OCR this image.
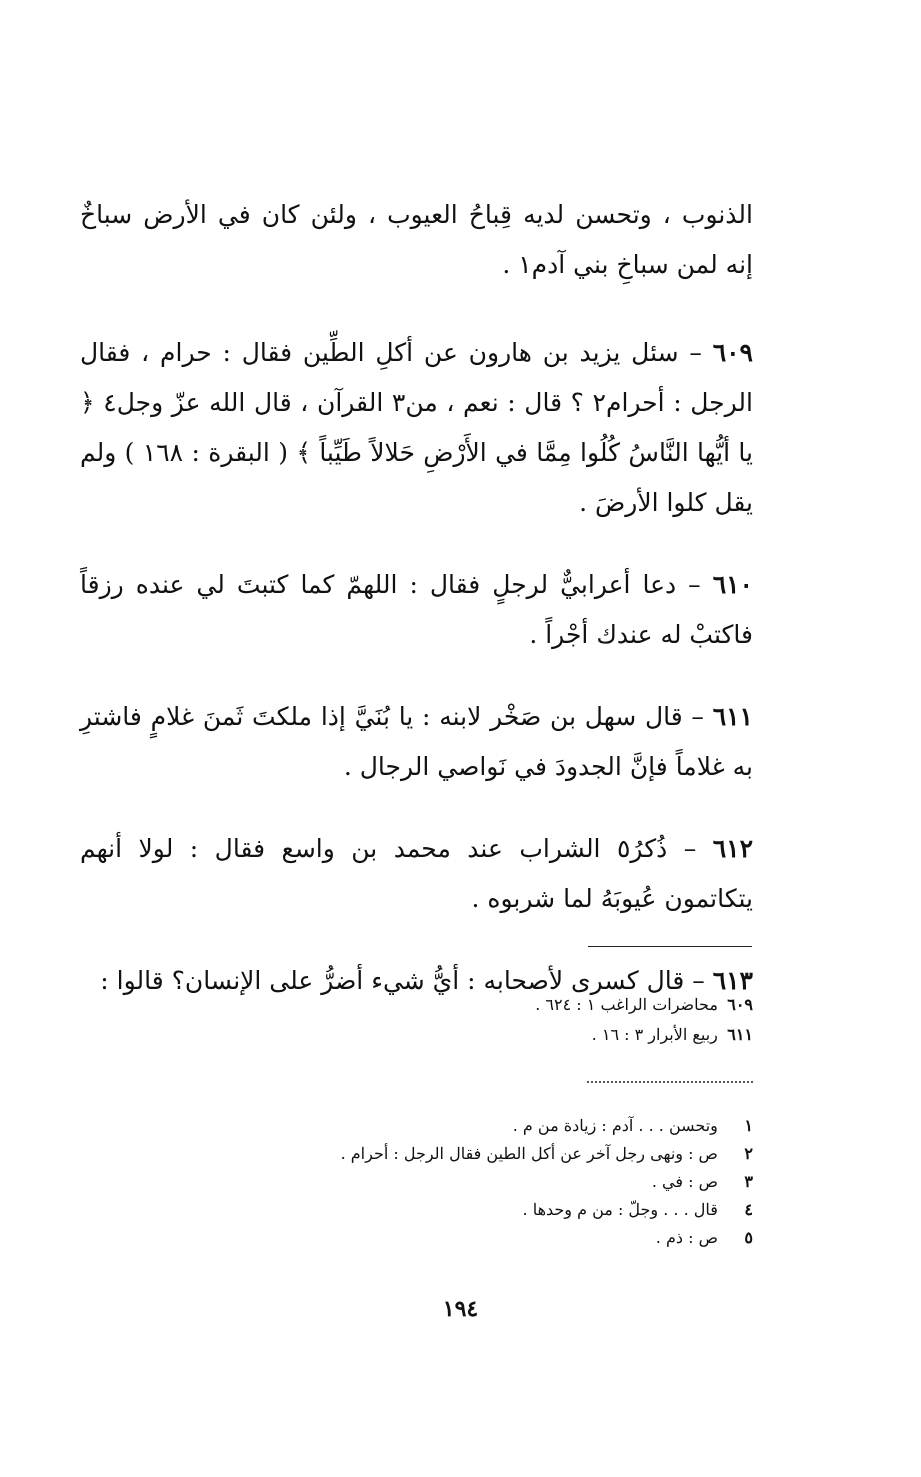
الذنوب ، وتحسن لديه قِباحُ العيوب ، ولئن كان في الأرض سباخٌ إنه لمن سباخِ بني آدم١ .

٦٠٩ – سئل يزيد بن هارون عن أكلِ الطِّين فقال : حرام ، فقال الرجل : أحرام٢ ؟ قال : نعم ، من٣ القرآن ، قال الله عزّ وجل٤ ﴿ يا أيُّها النَّاسُ كُلُوا مِمَّا في الأَرْضِ حَلالاً طَيِّباً ﴾ ( البقرة : ١٦٨ ) ولم يقل كلوا الأرضَ .

٦١٠ – دعا أعرابيٌّ لرجلٍ فقال : اللهمّ كما كتبتَ لي عنده رزقاً فاكتبْ له عندك أجْراً .

٦١١ – قال سهل بن صَخْر لابنه : يا بُنَيَّ إذا ملكتَ ثَمنَ غلامٍ فاشترِ به غلاماً فإنَّ الجدودَ في نَواصي الرجال .

٦١٢ – ذُكرُ٥ الشراب عند محمد بن واسع فقال : لولا أنهم يتكاتمون عُيوبَهُ لما شربوه .

٦١٣ – قال كسرى لأصحابه : أيُّ شيء أضرُّ على الإنسان؟ قالوا :

٦٠٩ محاضرات الراغب ١ : ٦٢٤ .
٦١١ ربيع الأبرار ٣ : ١٦ .
١ وتحسن . . . آدم : زيادة من م .
٢ ص : ونهى رجل آخر عن أكل الطين فقال الرجل : أحرام .
٣ ص : في .
٤ قال . . . وجلّ : من م وحدها .
٥ ص : ذم .
١٩٤
